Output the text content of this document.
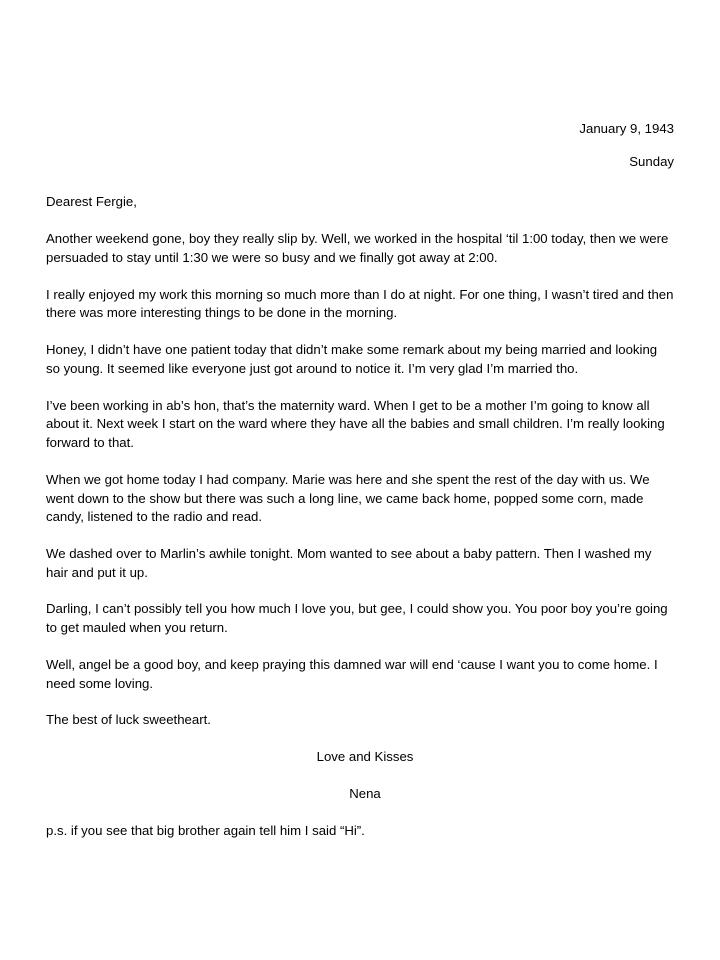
January 9, 1943

Sunday

Dearest Fergie,

Another weekend gone, boy they really slip by. Well, we worked in the hospital ‘til 1:00 today, then we were persuaded to stay until 1:30 we were so busy and we finally got away at 2:00.

I really enjoyed my work this morning so much more than I do at night. For one thing, I wasn’t tired and then there was more interesting things to be done in the morning.

Honey, I didn’t have one patient today that didn’t make some remark about my being married and looking so young. It seemed like everyone just got around to notice it. I’m very glad I’m married tho.

I’ve been working in ab’s hon, that’s the maternity ward. When I get to be a mother I’m going to know all about it. Next week I start on the ward where they have all the babies and small children. I’m really looking forward to that.

When we got home today I had company. Marie was here and she spent the rest of the day with us. We went down to the show but there was such a long line, we came back home, popped some corn, made candy, listened to the radio and read.

We dashed over to Marlin’s awhile tonight. Mom wanted to see about a baby pattern. Then I washed my hair and put it up.

Darling, I can’t possibly tell you how much I love you, but gee, I could show you. You poor boy you’re going to get mauled when you return.

Well, angel be a good boy, and keep praying this damned war will end ‘cause I want you to come home. I need some loving.

The best of luck sweetheart.

Love and Kisses

Nena

p.s. if you see that big brother again tell him I said “Hi”.
